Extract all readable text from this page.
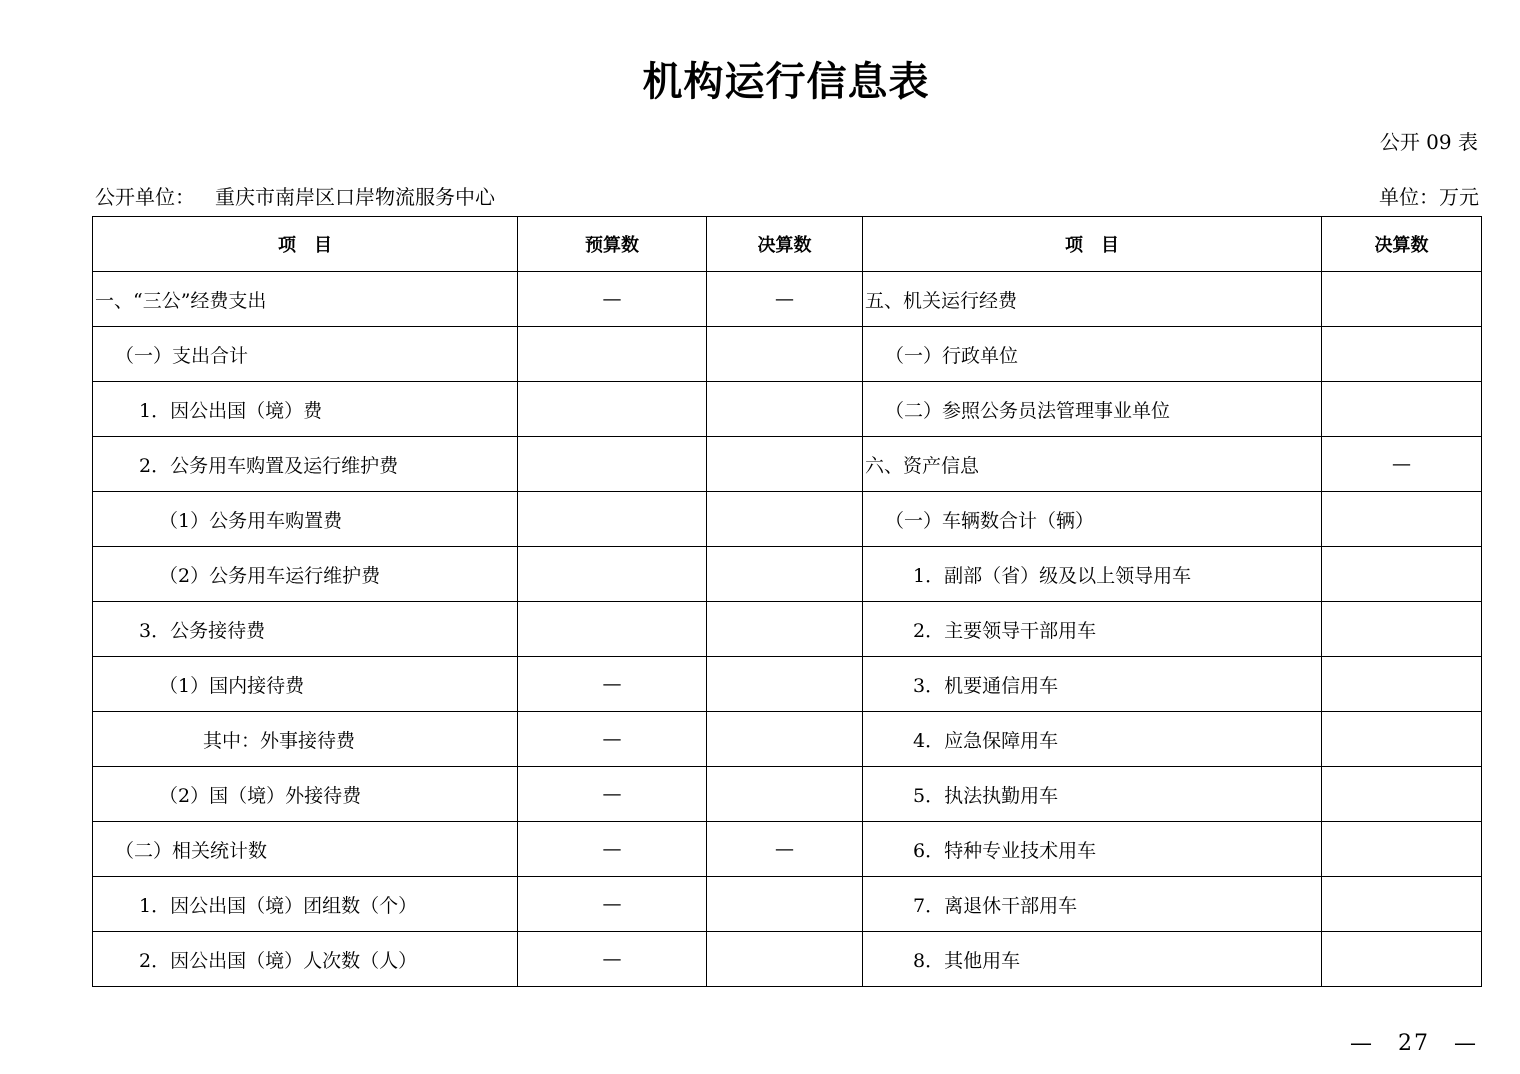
机构运行信息表
公开 09 表
公开单位： 重庆市南岸区口岸物流服务中心	单位：万元
项　目	预算数	决算数	项　目	决算数
一、“三公”经费支出	—	—	五、机关运行经费	
（一）支出合计			（一）行政单位	
1．因公出国（境）费			（二）参照公务员法管理事业单位	
2．公务用车购置及运行维护费			六、资产信息	—
（1）公务用车购置费			（一）车辆数合计（辆）	
（2）公务用车运行维护费			1．副部（省）级及以上领导用车	
3．公务接待费			2．主要领导干部用车	
（1）国内接待费	—		3．机要通信用车	
其中：外事接待费	—		4．应急保障用车	
（2）国（境）外接待费	—		5．执法执勤用车	
（二）相关统计数	—	—	6．特种专业技术用车	
1．因公出国（境）团组数（个）	—		7．离退休干部用车	
2．因公出国（境）人次数（人）	—		8．其他用车	
—　27　—
